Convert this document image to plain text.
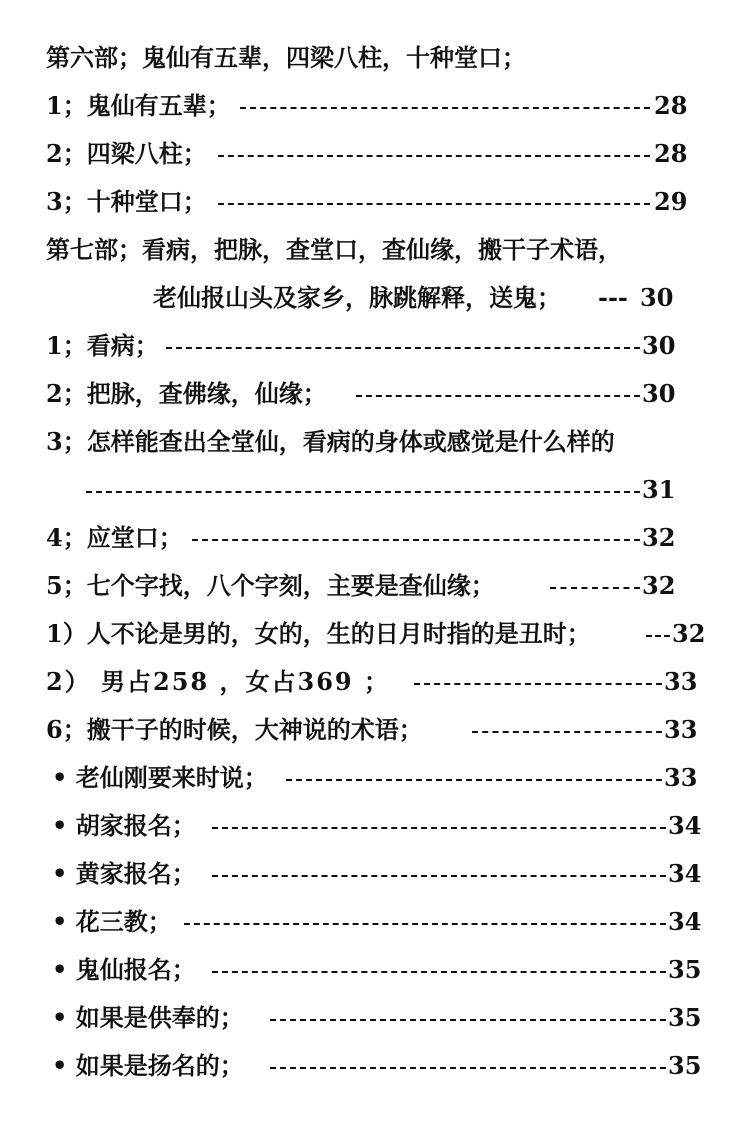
第六部；鬼仙有五辈，四梁八柱，十种堂口；
1；鬼仙有五辈；	28
2；四梁八柱；	28
3；十种堂口；	29
第七部；看病，把脉，查堂口，查仙缘，搬干子术语，
老仙报山头及家乡，脉跳解释，送鬼； --- 30
1；看病；	30
2；把脉，查佛缘，仙缘；	30
3；怎样能查出全堂仙，看病的身体或感觉是什么样的
31
4；应堂口；	32
5；七个字找，八个字刻，主要是查仙缘；	32
1）人不论是男的，女的，生的日月时指的是丑时；	32
2） 男占258 ，女占369 ；	33
6；搬干子的时候，大神说的术语；	33
• 老仙刚要来时说；	33
• 胡家报名；	34
• 黄家报名；	34
• 花三教；	34
• 鬼仙报名；	35
• 如果是供奉的；	35
• 如果是扬名的；	35
